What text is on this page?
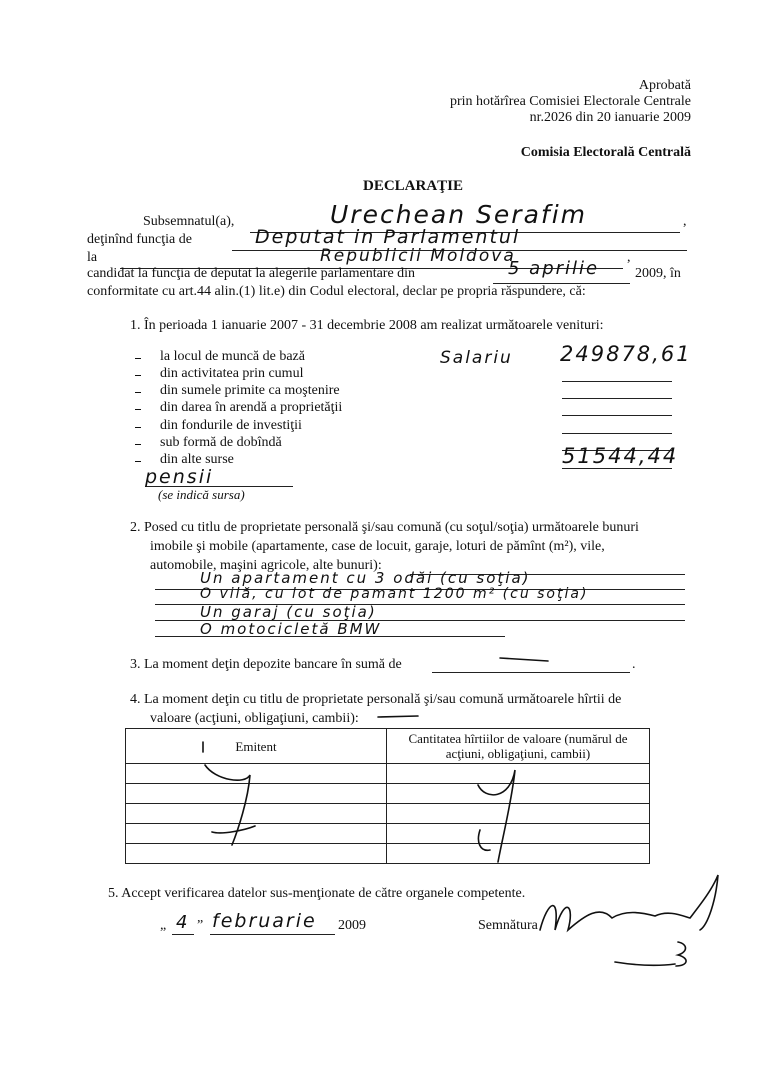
Aprobată
prin hotărîrea Comisiei Electorale Centrale
nr.2026 din 20 ianuarie 2009
Comisia Electorală Centrală
DECLARAŢIE
Subsemnatul(a),	Urechean Serafim	,
deţinînd funcţia de	Deputat in Parlamentul
la	Republicii Moldova	,
candidat la funcţia de deputat la alegerile parlamentare din	5 aprilie	2009, în
conformitate cu art.44 alin.(1) lit.e) din Codul electoral, declar pe propria răspundere, că:
1. În perioada 1 ianuarie 2007 - 31 decembrie 2008 am realizat următoarele venituri:
la locul de muncă de bază	Salariu 249878,61
din activitatea prin cumul
din sumele primite ca moştenire
din darea în arendă a proprietăţii
din fondurile de investiţii
sub formă de dobîndă
din alte surse	51544,44
pensii
(se indică sursa)
2. Posed cu titlu de proprietate personală şi/sau comună (cu soţul/soţia) următoarele bunuri
imobile şi mobile (apartamente, case de locuit, garaje, loturi de pămînt (m²), vile,
automobile, maşini agricole, alte bunuri):
Un apartament cu 3 odăi (cu soţia)
O vilă, cu lot de pamant 1200 m² (cu soţia)
Un garaj (cu soţia)
O motocicletă BMW
3. La moment deţin depozite bancare în sumă de	.
4. La moment deţin cu titlu de proprietate personală şi/sau comună următoarele hîrtii de
valoare (acţiuni, obligaţiuni, cambii):
Emitent	Cantitatea hîrtiilor de valoare (numărul de
acţiuni, obligaţiuni, cambii)

5. Accept verificarea datelor sus-menţionate de către organele competente.
„ 4 ” februarie 2009	Semnătura
